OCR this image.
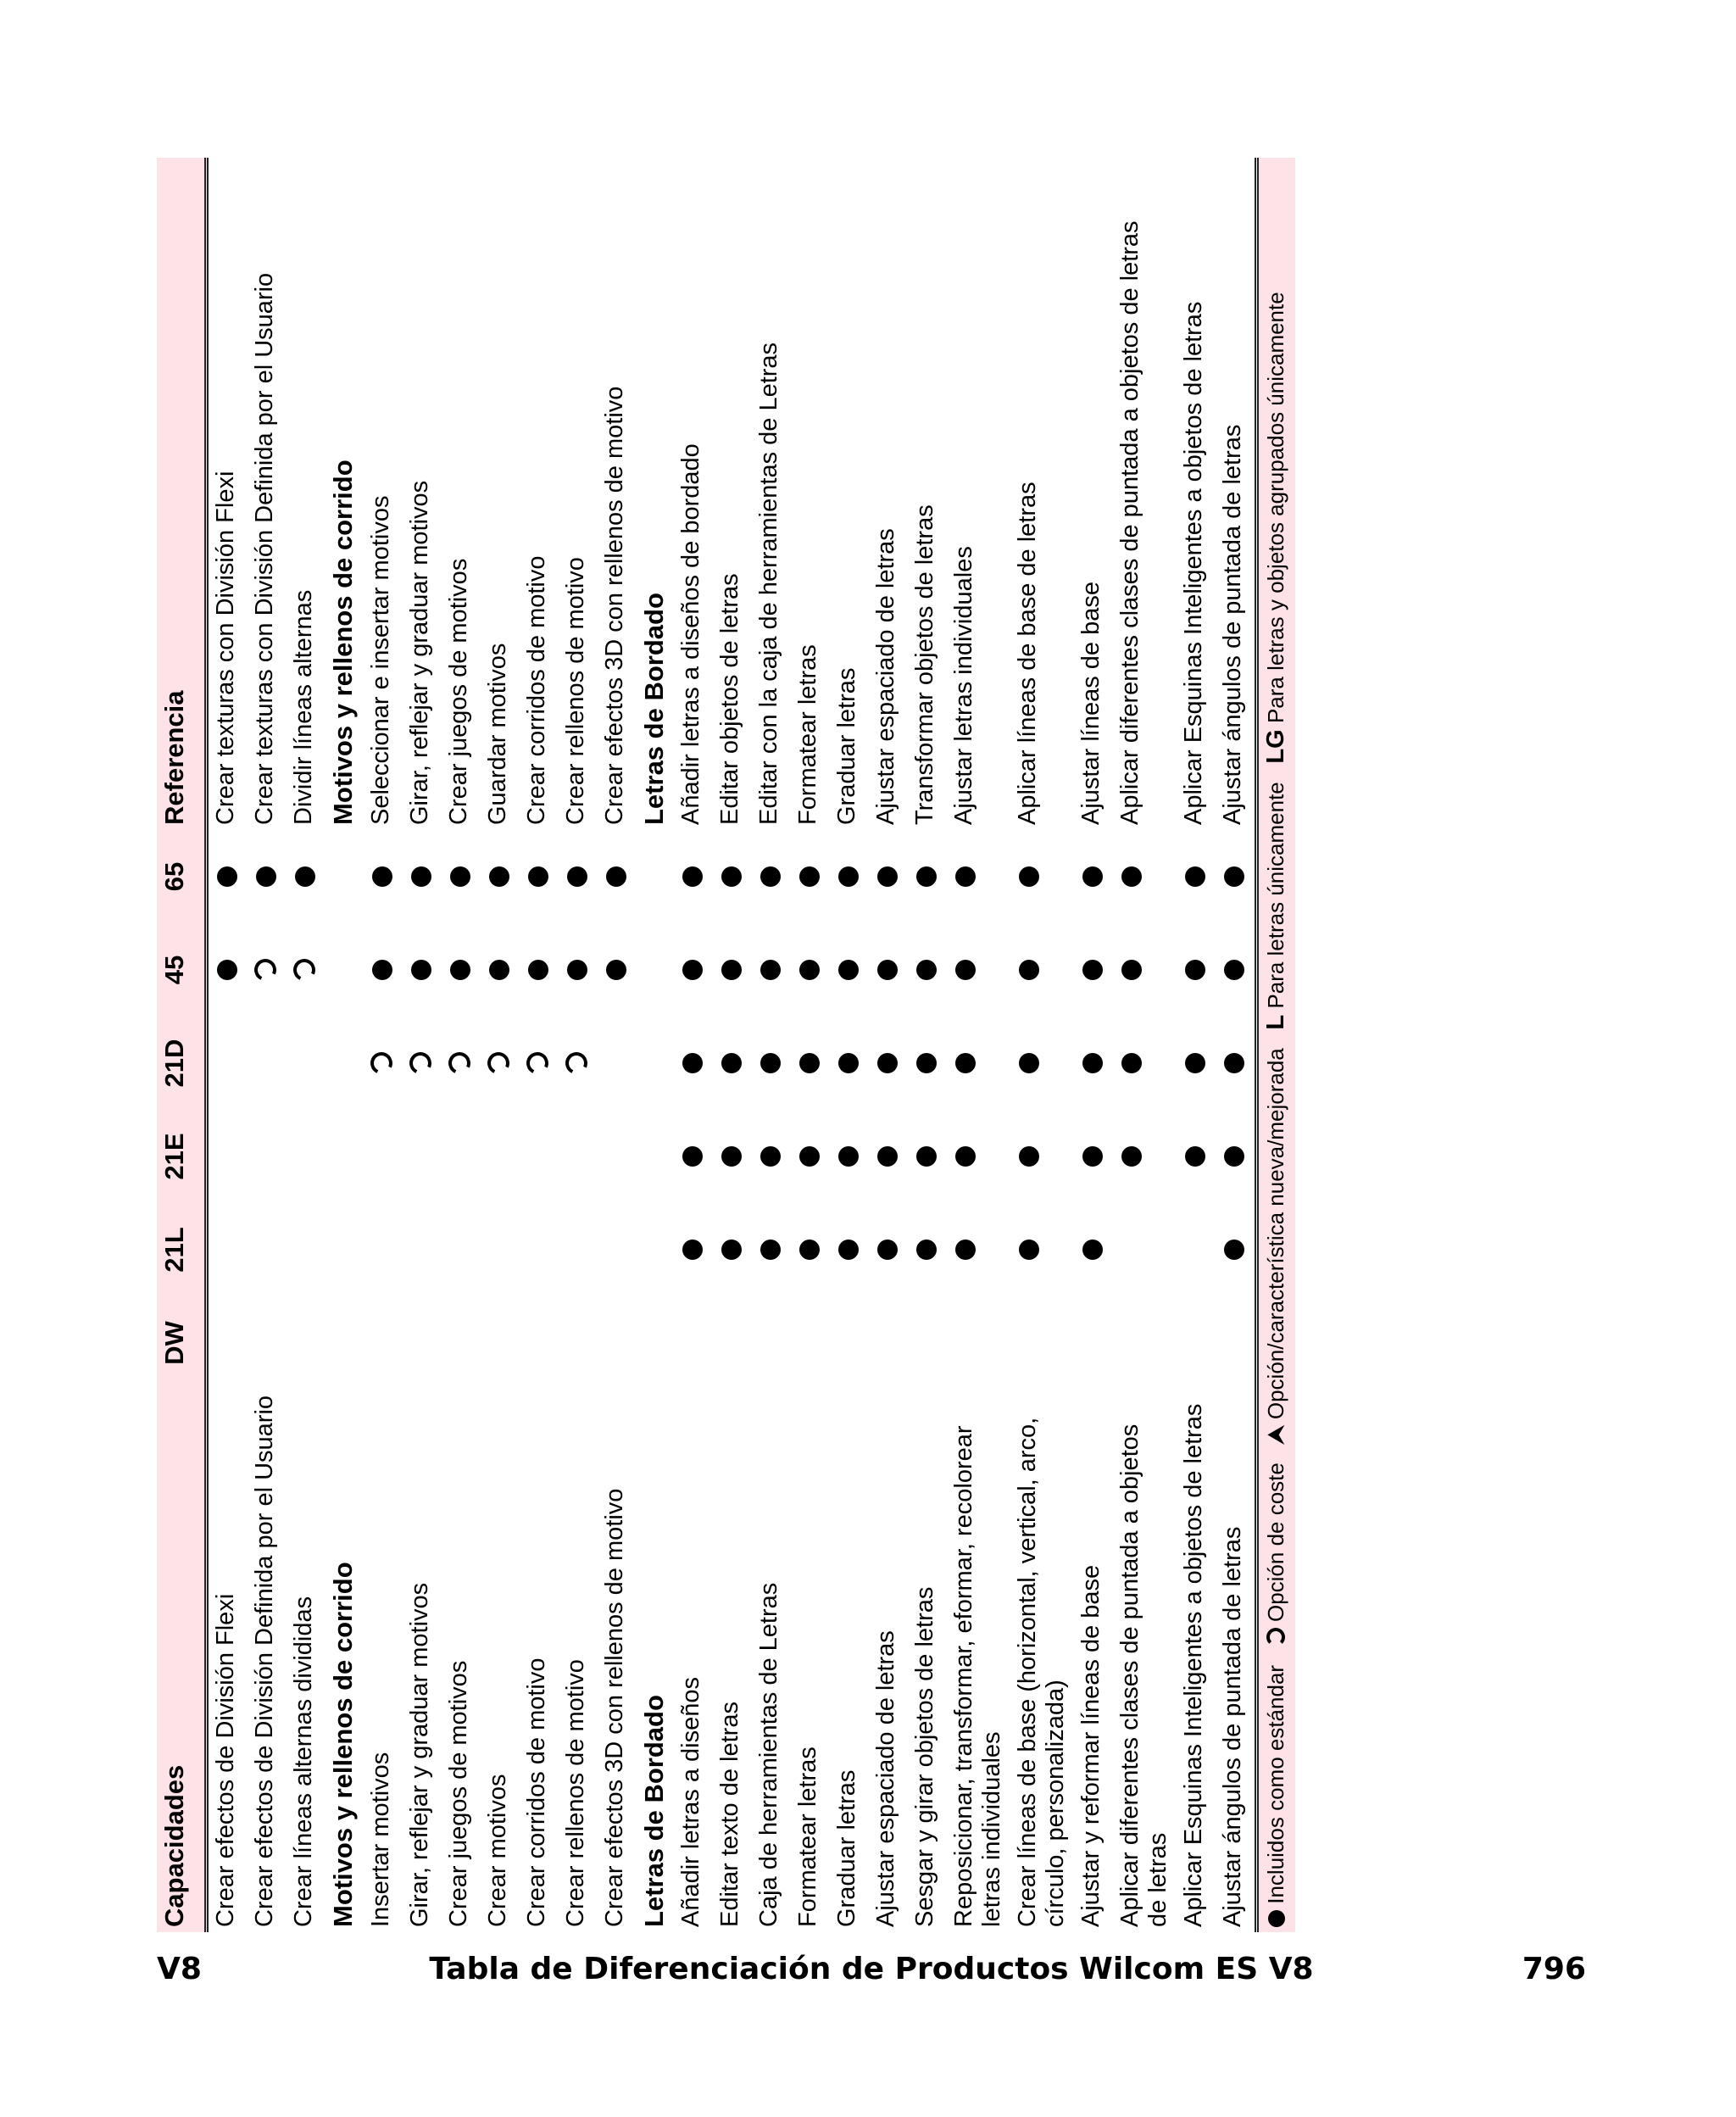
Capacidades	DW	21L	21E	21D	45	65	Referencia
Crear efectos de División Flexi							Crear texturas con División Flexi
Crear efectos de División Definida por el Usuario							Crear texturas con División Definida por el Usuario
Crear líneas alternas divididas							Dividir líneas alternas
Motivos y rellenos de corrido							Motivos y rellenos de corrido
Insertar motivos							Seleccionar e insertar motivos
Girar, reflejar y graduar motivos							Girar, reflejar y graduar motivos
Crear juegos de motivos							Crear juegos de motivos
Crear motivos							Guardar motivos
Crear corridos de motivo							Crear corridos de motivo
Crear rellenos de motivo							Crear rellenos de motivo
Crear efectos 3D con rellenos de motivo							Crear efectos 3D con rellenos de motivo
Letras de Bordado							Letras de Bordado
Añadir letras a diseños							Añadir letras a diseños de bordado
Editar texto de letras							Editar objetos de letras
Caja de herramientas de Letras							Editar con la caja de herramientas de Letras
Formatear letras							Formatear letras
Graduar letras							Graduar letras
Ajustar espaciado de letras							Ajustar espaciado de letras
Sesgar y girar objetos de letras							Transformar objetos de letras
Reposicionar, transformar, eformar, recolorear letras individuales							Ajustar letras individuales
Crear líneas de base (horizontal, vertical, arco, círculo, personalizada)							Aplicar líneas de base de letras
Ajustar y reformar líneas de base							Ajustar líneas de base
Aplicar diferentes clases de puntada a objetos de letras							Aplicar diferentes clases de puntada a objetos de letras
Aplicar Esquinas Inteligentes a objetos de letras							Aplicar Esquinas Inteligentes a objetos de letras
Ajustar ángulos de puntada de letras							Ajustar ángulos de puntada de letras
Incluidos como estándar    Opción de coste   ⮝ Opción/característica nueva/mejorada   L Para letras únicamente   LG Para letras y objetos agrupados únicamente							
V8	Tabla de Diferenciación de Productos Wilcom ES V8	796
